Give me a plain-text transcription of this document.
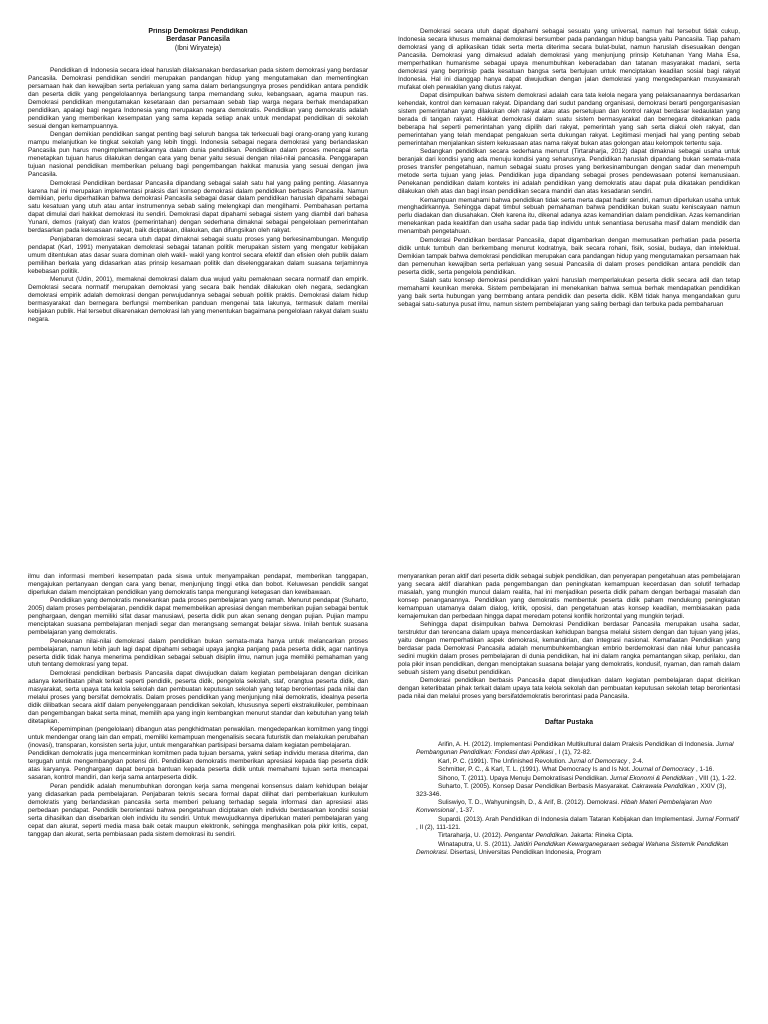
Prinsip Demokrasi Pendidikan
Berdasar Pancasila
(Ibni Wiryateja)

Pendidikan di Indonesia secara ideal haruslah dilaksanakan berdasarkan pada sistem demokrasi yang berdasar Pancasila. Demokrasi pendidikan sendiri merupakan pandangan hidup yang mengutamakan dan mementingkan persamaan hak dan kewajiban serta perlakuan yang sama dalam berlangsungnya proses pendidikan antara pendidik dan peserta didik yang pengelolaannya berlangsung tanpa memandang suku, kebangsaan, agama maupun ras. Demokrasi pendidikan mengutamakan kesetaraan dan persamaan sebab tiap warga negara berhak mendapatkan pendidikan, apalagi bagi negara Indonesia yang merupakan negara demokratis. Pendidikan yang demokratis adalah pendidikan yang memberikan kesempatan yang sama kepada setiap anak untuk mendapat pendidikan di sekolah sesuai dengan kemampuannya.

Dengan demikian pendidikan sangat penting bagi seluruh bangsa tak terkecuali bagi orang-orang yang kurang mampu melanjutkan ke tingkat sekolah yang lebih tinggi. Indonesia sebagai negara demokrasi yang berlandaskan Pancasila pun harus mengimplementasikannya dalam dunia pendidikan. Pendidikan dalam proses mencapai serta menetapkan tujuan harus dilakukan dengan cara yang benar yaitu sesuai dengan nilai-nilai pancasila. Penggarapan tujuan nasional pendidikan memberikan peluang bagi pengembangan hakikat manusia yang sesuai dengan jiwa Pancasila.

Demokrasi Pendidikan berdasar Pancasila dipandang sebagai salah satu hal yang paling penting. Alasannya karena hal ini merupakan implementasi praksis dari konsep demokrasi dalam pendidikan berbasis Pancasila. Namun demikian, perlu diperhatikan bahwa demokrasi Pancasila sebagai dasar dalam pendidikan haruslah dipahami sebagai satu kesatuan yang utuh atau antar instrumennya sebab saling melengkapi dan mengilhami. Pembahasan pertama dapat dimulai dari hakikat demokrasi itu sendiri. Demokrasi dapat dipahami sebagai sistem yang diambil dari bahasa Yunani, demos (rakyat) dan kratos (pemerintahan) dengan sederhana dimaknai sebagai pengelolaan pemerintahan berdasarkan pada kekuasaan rakyat, baik diciptakan, dilakukan, dan difungsikan oleh rakyat.

Penjabaran demokrasi secara utuh dapat dimaknai sebagai suatu proses yang berkesinambungan. Mengutip pendapat (Karl, 1991) menyatakan demokrasi sebagai tatanan politik merupakan sistem yang mengatur kebijakan umum ditentukan atas dasar suara dominan oleh wakil- wakil yang kontrol secara efektif dan efisien oleh publik dalam pemilihan berkala yang didasarkan atas prinsip kesamaan politik dan diselenggarakan dalam suasana terjaminnya kebebasan politik.

Menurut (Udin, 2001), memaknai demokrasi dalam dua wujud yaitu pemaknaan secara normatif dan empirik. Demokrasi secara normatif merupakan demokrasi yang secara baik hendak dilakukan oleh negara, sedangkan demokrasi empirik adalah demokrasi dengan perwujudannya sebagai sebuah politik praktis. Demokrasi dalam hidup bermasyarakat dan bernegara berfungsi memberikan panduan mengenai tata lakunya, termasuk dalam menilai kebijakan publik. Hal tersebut dikarenakan demokrasi lah yang menentukan bagaimana pengelolaan rakyat dalam suatu negara.

Demokrasi secara utuh dapat dipahami sebagai sesuatu yang universal, namun hal tersebut tidak cukup, Indonesia secara khusus memaknai demokrasi bersumber pada pandangan hidup bangsa yaitu Pancasila. Tiap paham demokrasi yang di aplikasikan tidak serta merta diterima secara bulat-bulat, namun haruslah disesuaikan dengan Pancasila. Demokrasi yang dimaksud adalah demokrasi yang menjunjung prinsip Ketuhanan Yang Maha Esa, memperhatikan humanisme sebagai upaya menumbuhkan keberadaban dan tatanan masyarakat madani, serta demokrasi yang berprinsip pada kesatuan bangsa serta bertujuan untuk menciptakan keadilan sosial bagi rakyat Indonesia. Hal ini dianggap hanya dapat diwujudkan dengan jalan demokrasi yang mengedepankan musyawarah mufakat oleh perwakilan yang diutus rakyat.

Dapat disimpulkan bahwa sistem demokrasi adalah cara tata kelola negara yang pelaksanaannya berdasarkan kehendak, kontrol dan kemauan rakyat. Dipandang dari sudut pandang organisasi, demokrasi berarti pengorganisasian sistem pemerintahan yang dilakukan oleh rakyat atau atas persetujuan dan kontrol rakyat berdasar kedaulatan yang berada di tangan rakyat. Hakikat demokrasi dalam suatu sistem bermasyarakat dan bernegara ditekankan pada beberapa hal seperti pemerintahan yang dipilih dari rakyat, pemerintah yang sah serta diakui oleh rakyat, dan pemerintahan yang telah mendapat pengakuan serta dukungan rakyat. Legitimasi menjadi hal yang penting sebab pemerintahan menjalankan sistem kekuasaan atas nama rakyat bukan atas golongan atau kelompok tertentu saja.

Sedangkan pendidikan secara sederhana menurut (Tirtaraharja, 2012) dapat dimaknai sebagai usaha untuk beranjak dari kondisi yang ada menuju kondisi yang seharusnya. Pendidikan haruslah dipandang bukan semata-mata proses transfer pengetahuan, namun sebagai suatu proses yang berkesinambungan dengan sadar dan menempuh metode serta tujuan yang jelas. Pendidikan juga dipandang sebagai proses pendewasaan potensi kemanusiaan. Penekanan pendidikan dalam konteks ini adalah pendidikan yang demokratis atau dapat pula dikatakan pendidikan dilakukan oleh atas dan bagi insan pendidikan secara mandiri dan atas kesadaran sendiri.

Kemampuan memahami bahwa pendidikan tidak serta merta dapat hadir sendiri, namun diperlukan usaha untuk menghadirkannya. Sehingga dapat timbul sebuah pemahaman bahwa pendidikan bukan suatu keniscayaan namun perlu diadakan dan diusahakan. Oleh karena itu, dikenal adanya azas kemandirian dalam pendidikan. Azas kemandirian menekankan pada keaktifan dan usaha sadar pada tiap individu untuk senantiasa berusaha masif dalam mendidik dan menambah pengetahuan.

Demokrasi Pendidikan berdasar Pancasila, dapat digambarkan dengan memusatkan perhatian pada peserta didik untuk tumbuh dan berkembang menurut kodratnya, baik secara rohani, fisik, sosial, budaya, dan intelektual. Demikian tampak bahwa demokrasi pendidikan merupakan cara pandangan hidup yang mengutamakan persamaan hak dan pemenuhan kewajiban serta perlakuan yang sesuai Pancasila di dalam proses pendidikan antara pendidik dan peserta didik, serta pengelola pendidikan.

Salah satu konsep demokrasi pendidikan yakni haruslah memperlakukan peserta didik secara adil dan tetap memahami keunikan mereka. Sistem pembelajaran ini menekankan bahwa semua berhak mendapatkan pendidikan yang baik serta hubungan yang bermbang antara pendidik dan peserta didik. KBM tidak hanya mengandalkan guru sebagai satu-satunya pusat ilmu, namun sistem pembelajaran yang saling berbagi dan terbuka pada pembaharuan

ilmu dan informasi memberi kesempatan pada siswa untuk menyampaikan pendapat, memberikan tanggapan, mengajukan pertanyaan dengan cara yang benar, menjunjung tinggi etika dan bobot. Keluwesan pendidik sangat diperlukan dalam menciptakan pendidikan yang demokratis tanpa mengurangi ketegasan dan kewibawaan.

Pendidikan yang demokratis menekankan pada proses pembelajaran yang ramah. Menurut pendapat (Suharto, 2005) dalam proses pembelajaran, pendidik dapat memembelikan apresiasi dengan memberikan pujian sebagai bentuk penghargaan, dengan memiliki sifat dasar manusiawi, peserta didik pun akan senang dengan pujian. Pujian mampu menciptakan suasana pembelajaran menjadi segar dan merangsang semangat belajar siswa. Inilah bentuk suasana pembelajaran yang demokratis.

Penekanan nilai-nilai demokrasi dalam pendidikan bukan semata-mata hanya untuk melancarkan proses pembelajaran, namun lebih jauh lagi dapat dipahami sebagai upaya jangka panjang pada peserta didik, agar nantinya peserta didik tidak hanya menerima pendidikan sebagai sebuah disiplin ilmu, namun juga memiliki pemahaman yang utuh tentang demokrasi yang tepat.

Demokrasi pendidikan berbasis Pancasila dapat diwujudkan dalam kegiatan pembelajaran dengan dicirikan adanya keterlibatan pihak terkait seperti pendidik, peserta didik, pengelola sekolah, staf, orangtua peserta didik, dan masyarakat, serta upaya tata kelola sekolah dan pembuatan keputusan sekolah yang tetap berorientasi pada nilai dan melalui proses yang bersifat demokratis. Dalam proses pendidikan yang menjunjung nilai demokratis, idealnya peserta didik dilibatkan secara aktif dalam penyelenggaraan pendidikan sekolah, khususnya seperti ekstrakulikuler, pembinaan dan pengembangan bakat serta minat, memilih apa yang ingin kembangkan menurut standar dan kebutuhan yang telah ditetapkan.

Kepemimpinan (pengelolaan) dibangun atas pengkhidmatan perwakilan. mengedepankan komitmen yang tinggi untuk mendengar orang lain dan empati, memiliki kemampuan mengenalisis secara futuristik dan melakukan perubahan (inovasi), transparan, konsisten serta jujur, untuk mengarahkan partisipasi bersama dalam kegiatan pembelajaran.

Pendidikan demokratis juga mencerminkan komitmen pada tujuan bersama, yakni setiap individu merasa diterima, dan tergugah untuk mengembangkan potensi diri. Pendidikan demokratis memberikan apresiasi kepada tiap peserta didik atas karyanya. Penghargaan dapat berupa bantuan kepada peserta didik untuk memahami tujuan serta mencapai sasaran, kontrol mandiri, dan kerja sama antarpeserta didik.

Peran pendidik adalah menumbuhkan dorongan kerja sama mengenai konsensus dalam kehidupan belajar yang didasarkan pada pembelajaran. Penjabaran teknis secara formal dapat dilihat dari pemberlakuan kurikulum demokratis yang berlandaskan pancasila serta memberi peluang terhadap segala informasi dan apresiasi atas perbedaan pendapat. Pendidik berorientasi bahwa pengetahuan diciptakan oleh individu berdasarkan kondisi sosial serta dihasilkan dan disebarkan oleh individu itu sendiri. Untuk mewujudkannya diperlukan materi pembelajaran yang cepat dan akurat, seperti media masa baik cetak maupun elektronik, sehingga menghasilkan pola pikir kritis, cepat, tanggap dan akurat, serta pembiasaan pada sistem demokrasi itu sendiri.

menyarankan peran aktif dari peserta didik sebagai subjek pendidikan, dan penyerapan pengetahuan atas pembelajaran yang secara aktif diarahkan pada pengembangan dan peningkatan kemampuan kecerdasan dan solutif terhadap masalah, yang mungkin muncul dalam realita, hal ini menjadikan peserta didik paham dengan berbagai masalah dan konsep penanganannya. Pendidikan yang demokratis membentuk peserta didik paham mendukung peningkatan kemampuan utamanya dalam dialog, kritik, oposisi, dan pengetahuan atas konsep keadilan, membiasakan pada kemajemukan dan perbedaan hingga dapat meredam potensi konflik horizontal yang mungkin terjadi.

Sehingga dapat disimpulkan bahwa Demokrasi Pendidikan berdasar Pancasila merupakan usaha sadar, terstruktur dan terencana dalam upaya mencerdaskan kehidupan bangsa melalui sistem dengan dan tujuan yang jelas, yaitu dengan memperhatikan aspek demokrasi, kemandirian, dan integrasi nasional. Kemafaatan Pendidikan yang berdasar pada Demokrasi Pancasila adalah menumbuhkembangkan embrio berdemokrasi dan nilai luhur pancasila sedini mugkin dalam proses pembelajaran di dunia pendidikan, hal ini dalam rangka pemantangan sikap, perilaku, dan pola pikir insan pendidikan, dengan menciptakan suasana belajar yang demokratis, kondusif, nyaman, dan ramah dalam sebuah sistem yang disebut pendidikan.

Demokrasi pendidikan berbasis Pancasila dapat diwujudkan dalam kegiatan pembelajaran dapat dicirikan dengan keterlibatan pihak terkait dalam upaya tata kelola sekolah dan pembuatan keputusan sekolah tetap berorientasi pada nilai dan melalui proses yang bersifatdemokratis berorintasi pada Pancasila.

Daftar Pustaka

Arifin, A. H. (2012). Implementasi Pendidikan Multikultural dalam Praksis Pendidikan di Indonesia. Jurnal Pembangunan Pendidikan: Fondasi dan Aplikasi , I (1), 72-82.

Karl, P. C. (1991). The Unfinished Revolution. Jurnal of Democracy , 2-4.

Schmitter, P. C., & Karl, T. L. (1991). What Democracy Is and Is Not. Journal of Democracy , 1-16.

Sihono, T. (2011). Upaya Menuju Demokratisasi Pendidikan. Jurnal Ekonomi & Pendidikan , VIII (1), 1-22.

Suharto, T. (2005). Konsep Dasar Pendidikan Berbasis Masyarakat. Cakrawala Pendidikan , XXIV (3), 323-346.

Suliswiyo, T. D., Wahyuningsih, D., & Arif, B. (2012). Demokrasi. Hibah Materi Pembelajaran Non Konvensional , 1-37.

Supardi. (2013). Arah Pendidikan di Indonesia dalam Tataran Kebijakan dan Implementasi. Jurnal Formatif , II (2), 111-121.

Tirtaraharja, U. (2012). Pengantar Pendidikan. Jakarta: Rineka Cipta.

Winataputra, U. S. (2011). Jatidiri Pendidikan Kewarganegaraan sebagai Wahana Sistemik Pendidikan Demokrasi. Disertasi, Universitas Pendidikan Indonesia, Program
